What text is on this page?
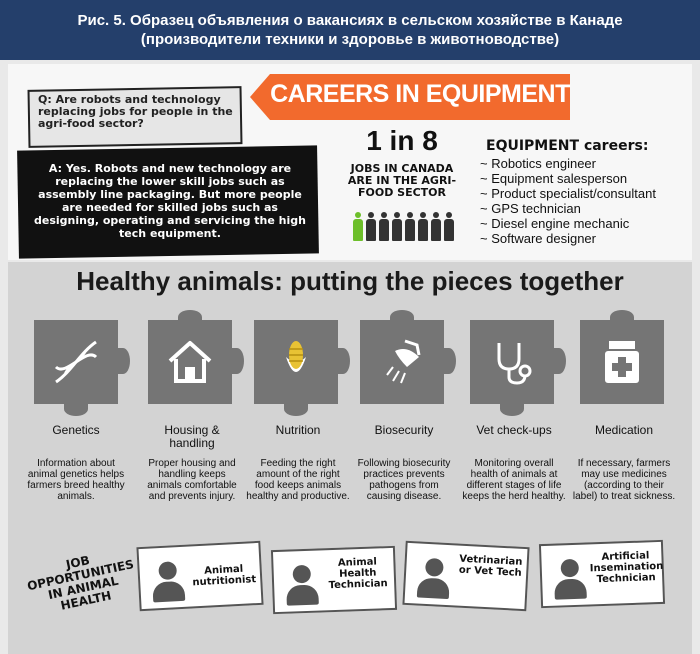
Рис. 5. Образец объявления о вакансиях в сельском хозяйстве в Канаде
(производители техники и здоровье в животноводстве)
Q: Are robots and technology replacing jobs for people in the agri-food sector?
A: Yes. Robots and new technology are replacing the lower skill jobs such as assembly line packaging. But more people are needed for skilled jobs such as designing, operating and servicing the high tech equipment.
CAREERS IN EQUIPMENT
1 in 8
JOBS IN CANADA ARE IN THE AGRI-FOOD SECTOR
EQUIPMENT careers:
~ Robotics engineer
~ Equipment salesperson
~ Product specialist/consultant
~ GPS technician
~ Diesel engine mechanic
~ Software designer
Healthy animals: putting the pieces together
Genetics	Housing & handling
Nutrition	Biosecurity	Vet check-ups	Medication
Information about animal genetics helps farmers breed healthy animals.
Proper housing and handling keeps animals comfortable and prevents injury.
Feeding the right amount of the right food keeps animals healthy and productive.
Following biosecurity practices prevents pathogens from causing disease.
Monitoring overall health of animals at different stages of life keeps the herd healthy.
If necessary, farmers may use medicines (according to their label) to treat sickness.
JOB OPPORTUNITIES IN ANIMAL HEALTH
Animal nutritionist
Animal Health Technician
Vetrinarian or Vet Tech
Artificial Insemination Technician
